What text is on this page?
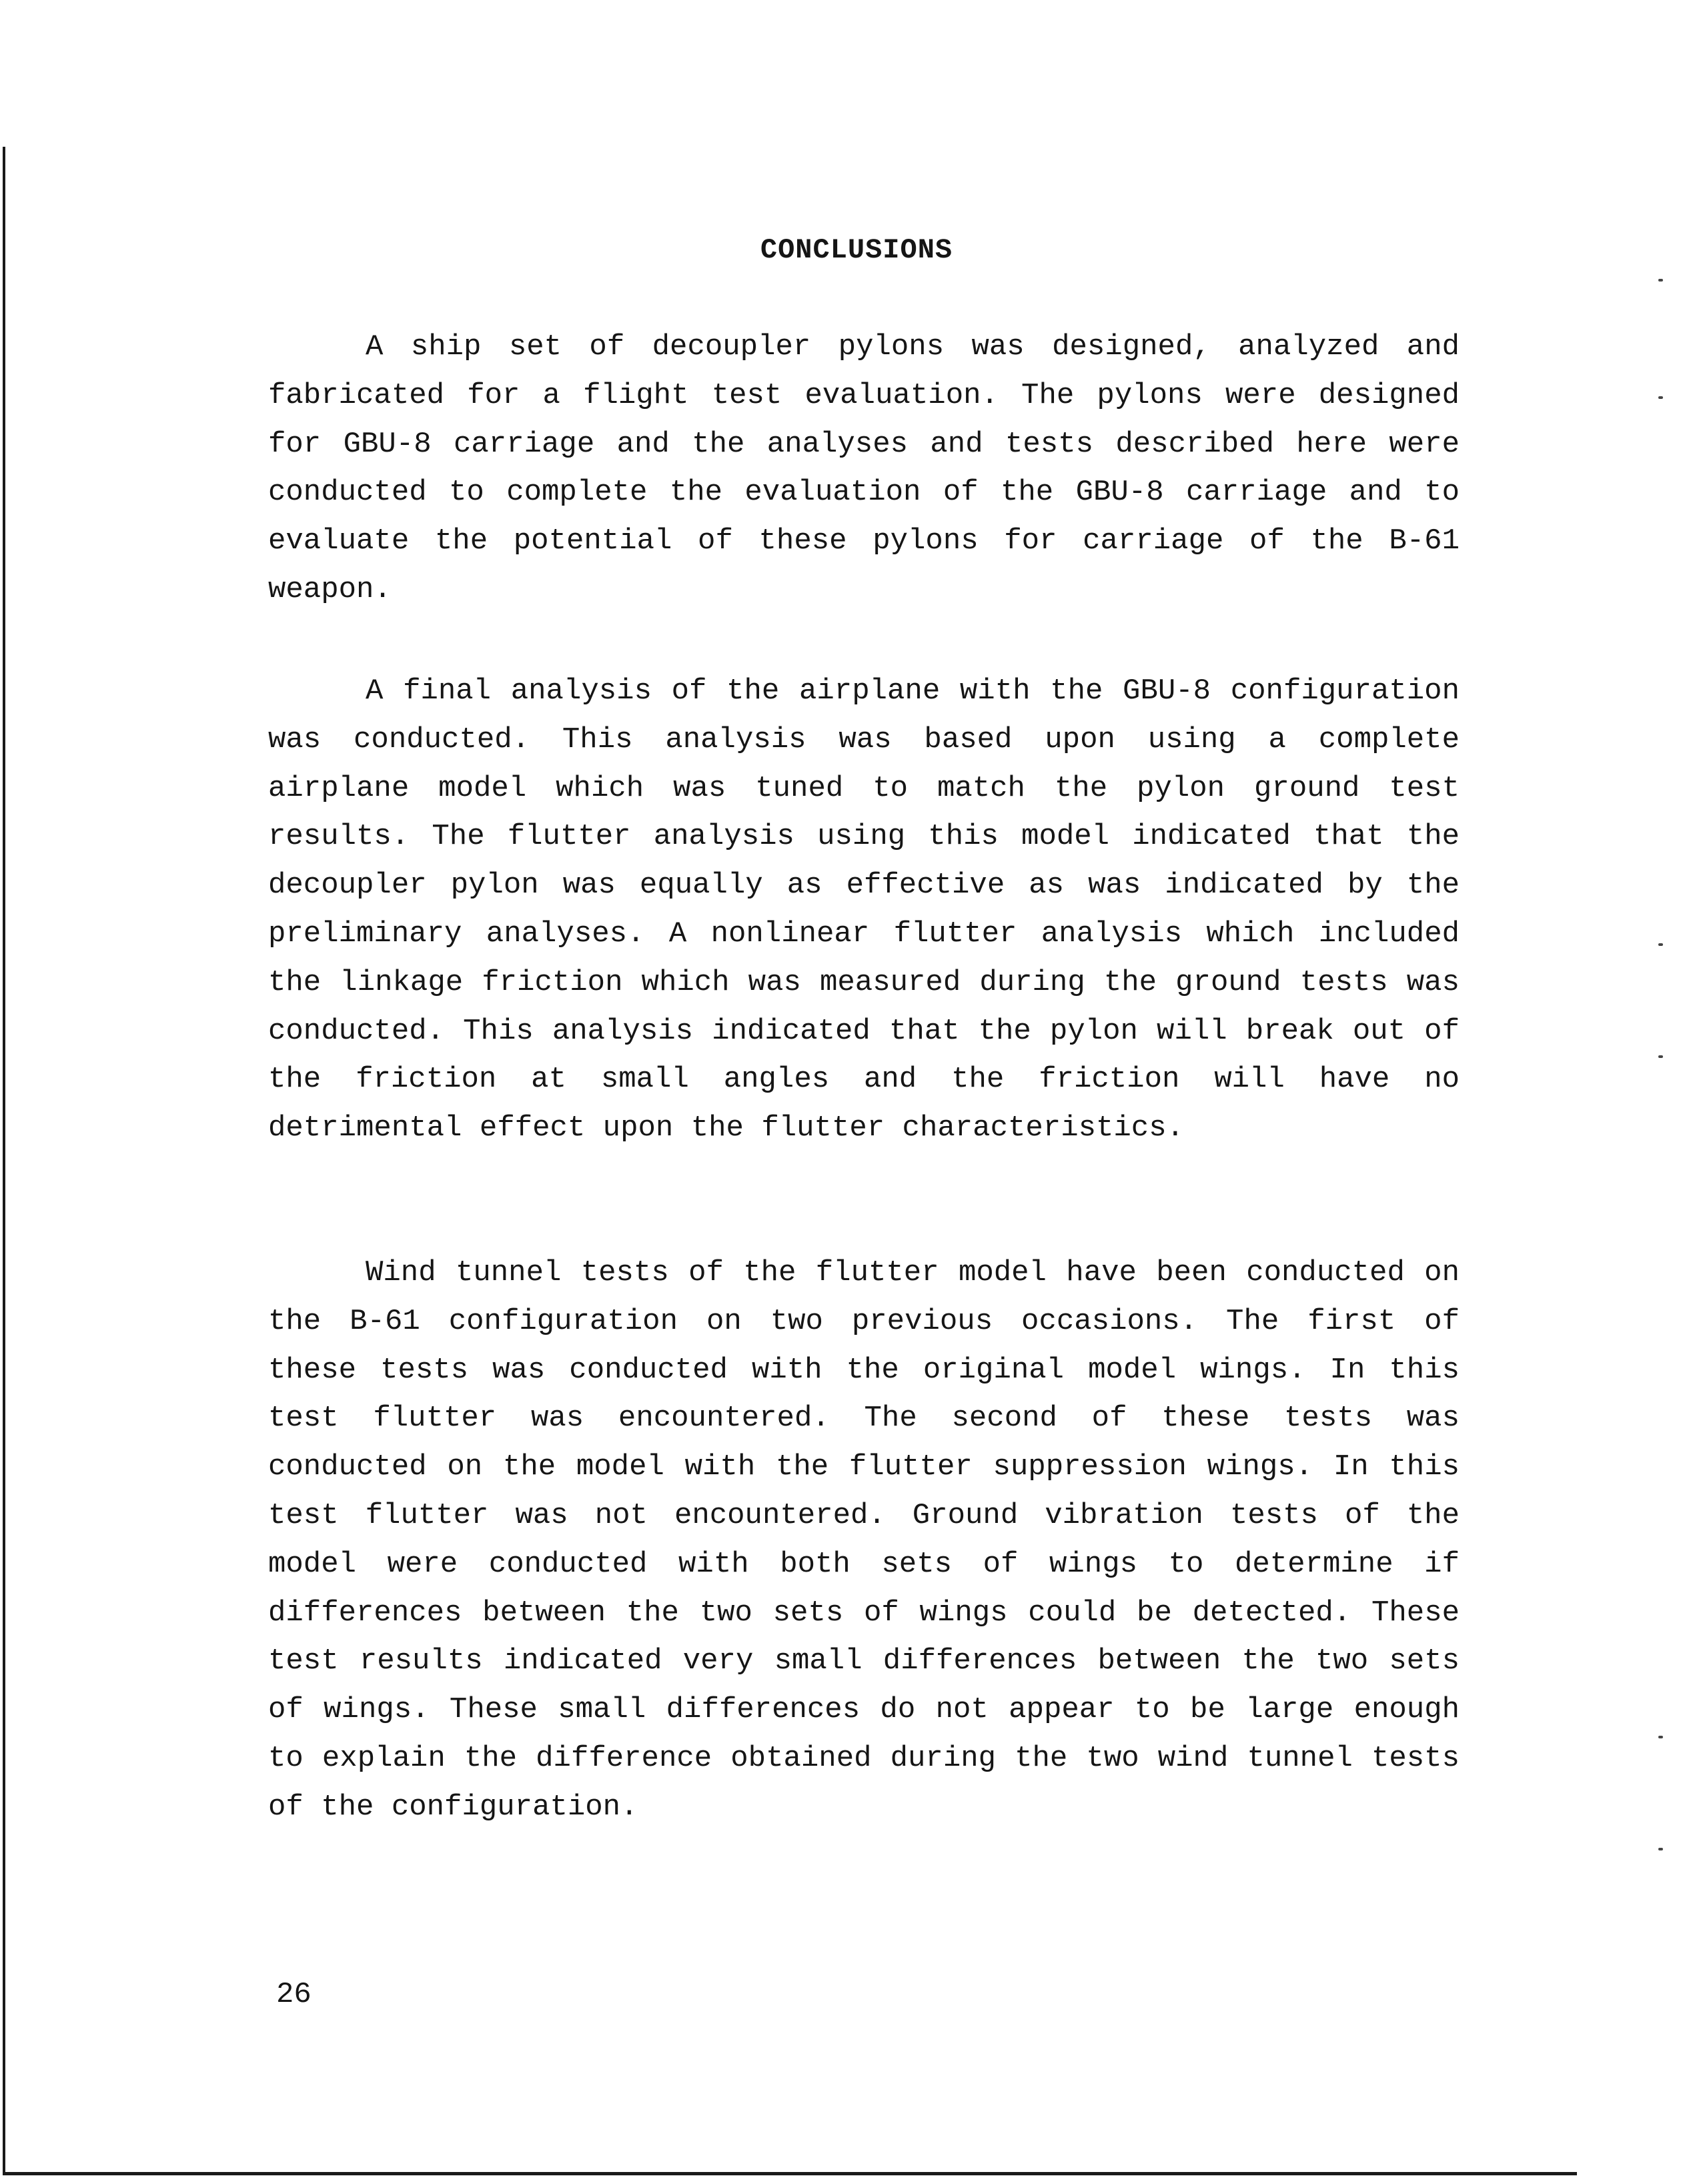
CONCLUSIONS

A ship set of decoupler pylons was designed, analyzed and fabricated for a flight test evaluation. The pylons were designed for GBU-8 carriage and the analyses and tests described here were conducted to complete the evaluation of the GBU-8 carriage and to evaluate the potential of these pylons for carriage of the B-61 weapon.

A final analysis of the airplane with the GBU-8 configuration was conducted. This analysis was based upon using a complete airplane model which was tuned to match the pylon ground test results. The flutter analysis using this model indicated that the decoupler pylon was equally as effective as was indicated by the preliminary analyses. A nonlinear flutter analysis which included the linkage friction which was measured during the ground tests was conducted. This analysis indicated that the pylon will break out of the friction at small angles and the friction will have no detrimental effect upon the flutter characteristics.

Wind tunnel tests of the flutter model have been conducted on the B-61 configuration on two previous occasions. The first of these tests was conducted with the original model wings. In this test flutter was encountered. The second of these tests was conducted on the model with the flutter suppression wings. In this test flutter was not encountered. Ground vibration tests of the model were conducted with both sets of wings to determine if differences between the two sets of wings could be detected. These test results indicated very small differences between the two sets of wings. These small differences do not appear to be large enough to explain the difference obtained during the two wind tunnel tests of the configuration.

26
